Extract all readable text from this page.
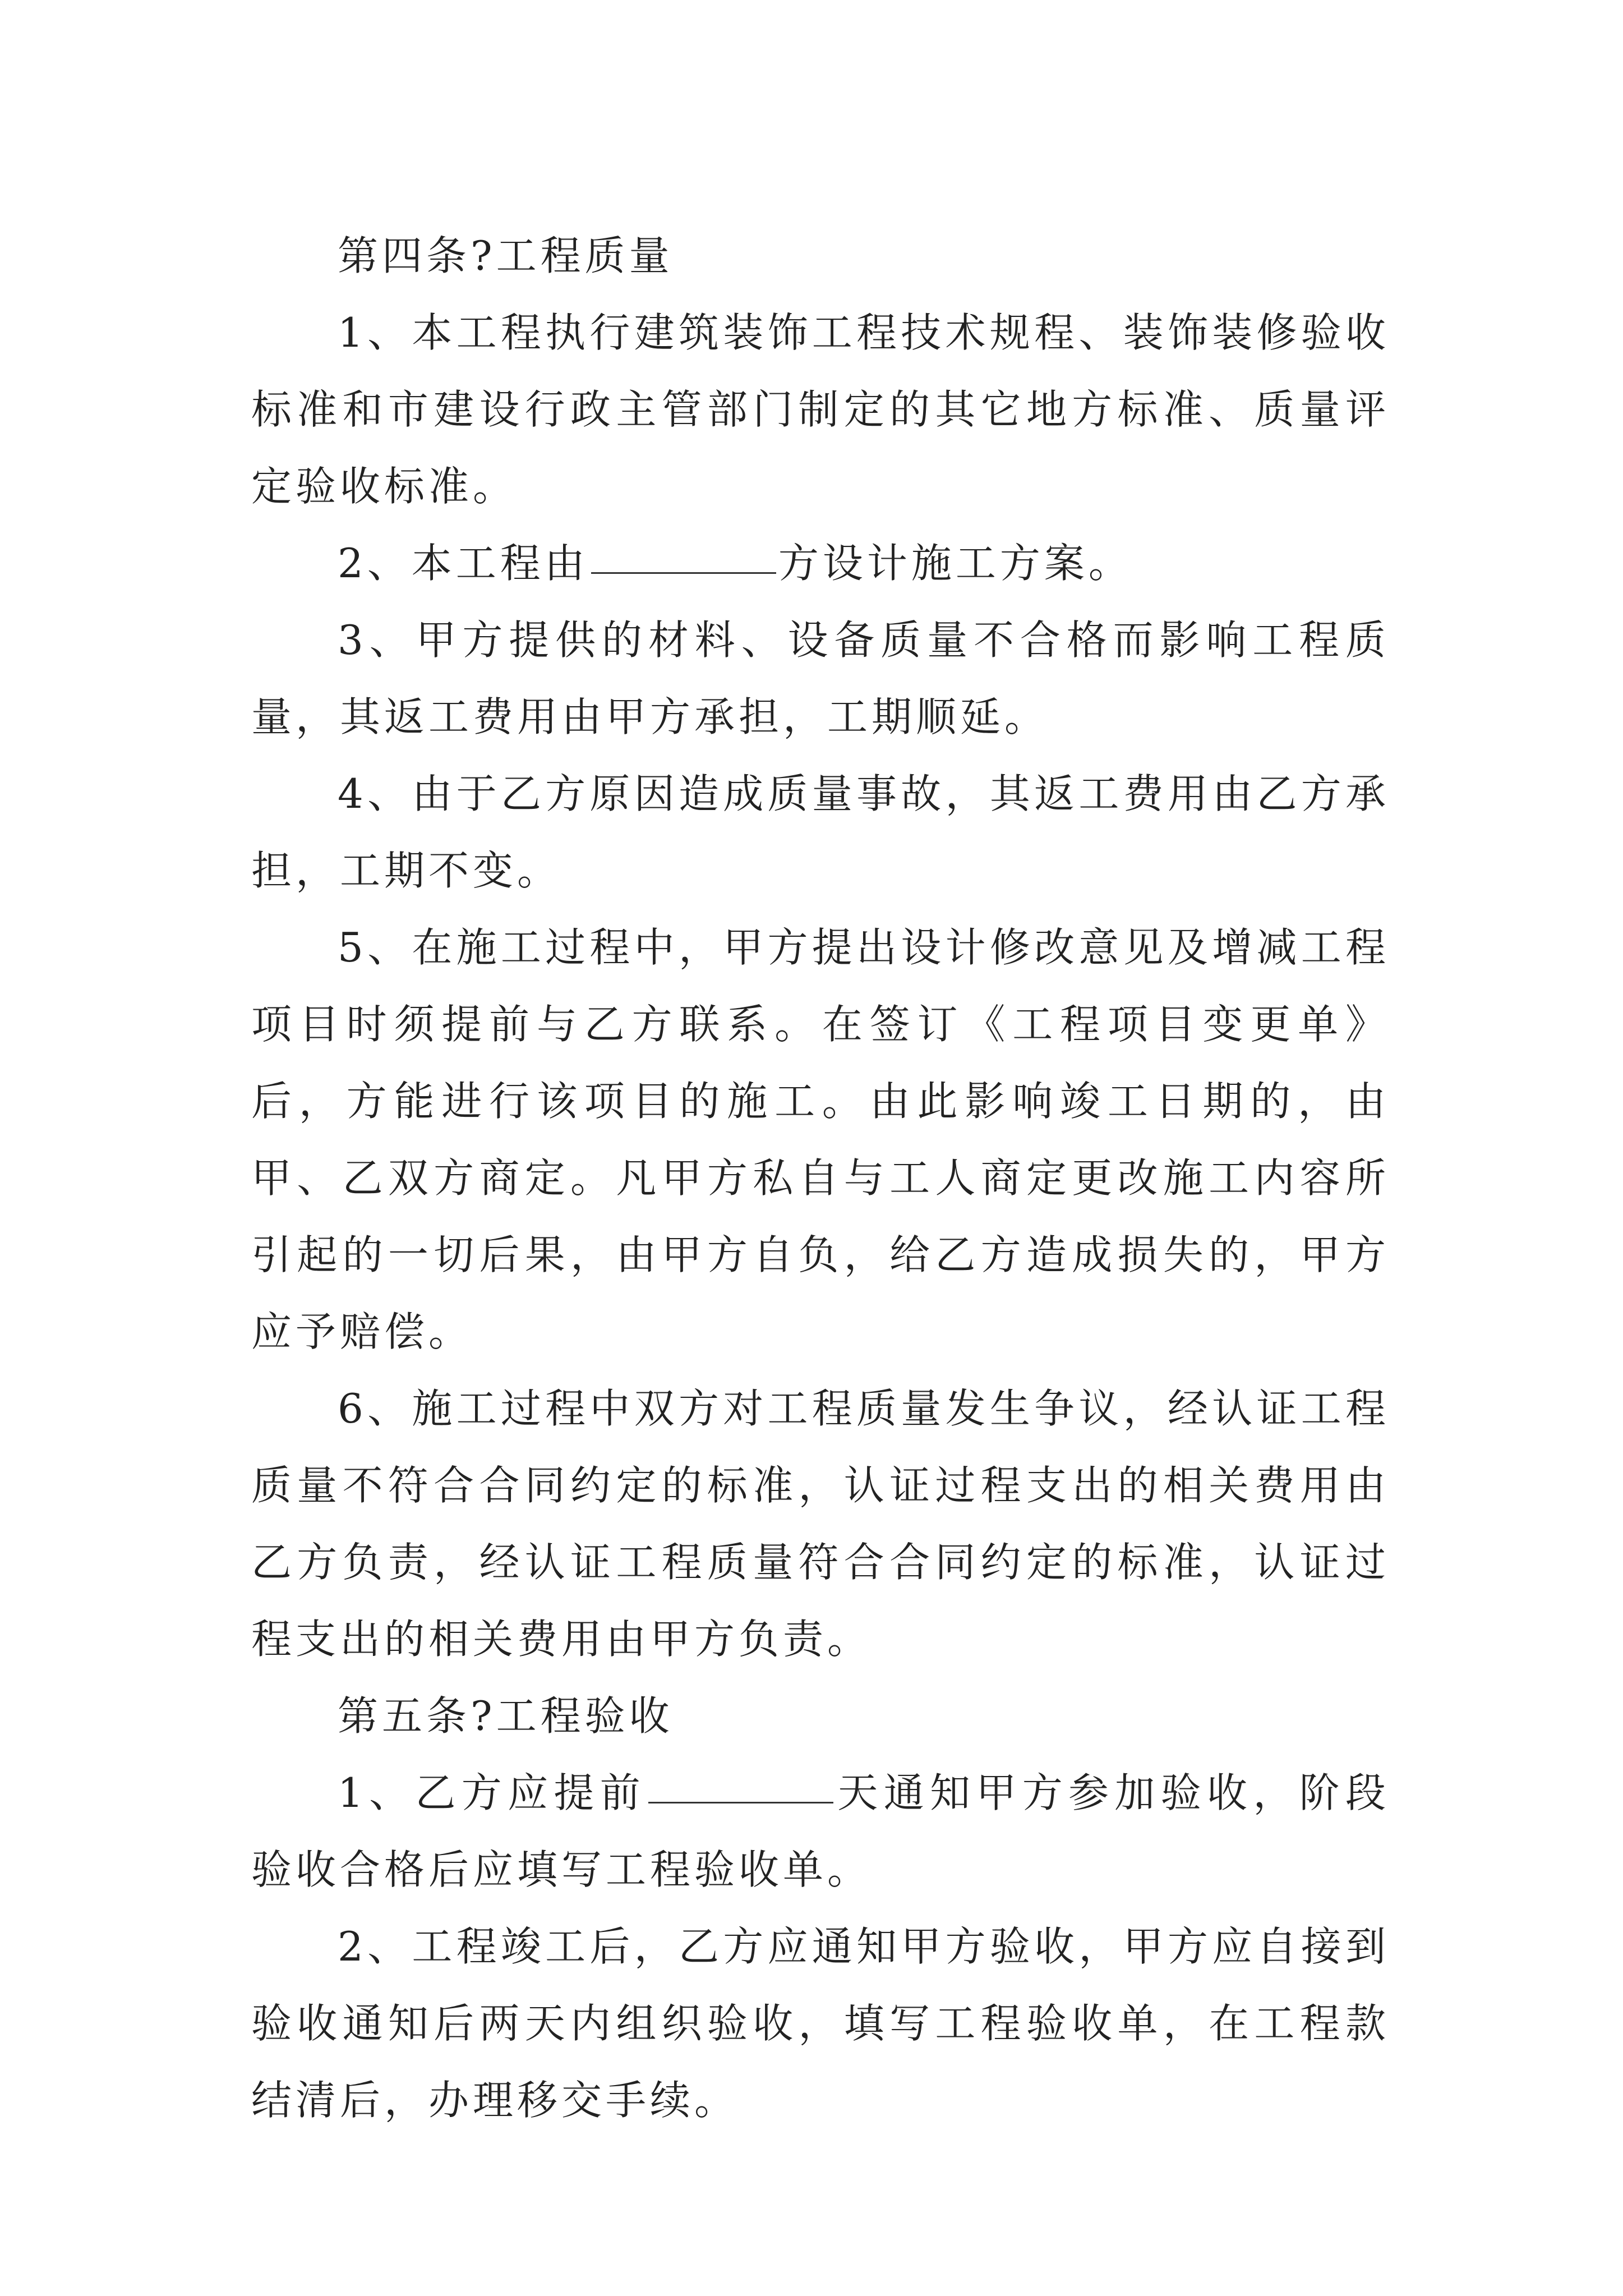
第四条?工程质量

1、本工程执行建筑装饰工程技术规程、装饰装修验收标准和市建设行政主管部门制定的其它地方标准、质量评定验收标准。

2、本工程由	方设计施工方案。

3、甲方提供的材料、设备质量不合格而影响工程质量，其返工费用由甲方承担，工期顺延。

4、由于乙方原因造成质量事故，其返工费用由乙方承担，工期不变。

5、在施工过程中，甲方提出设计修改意见及增减工程项目时须提前与乙方联系。在签订《工程项目变更单》后，方能进行该项目的施工。由此影响竣工日期的，由甲、乙双方商定。凡甲方私自与工人商定更改施工内容所引起的一切后果，由甲方自负，给乙方造成损失的，甲方应予赔偿。

6、施工过程中双方对工程质量发生争议，经认证工程质量不符合合同约定的标准，认证过程支出的相关费用由乙方负责，经认证工程质量符合合同约定的标准，认证过程支出的相关费用由甲方负责。

第五条?工程验收

1、乙方应提前	天通知甲方参加验收，阶段验收合格后应填写工程验收单。

2、工程竣工后，乙方应通知甲方验收，甲方应自接到验收通知后两天内组织验收，填写工程验收单，在工程款结清后，办理移交手续。
